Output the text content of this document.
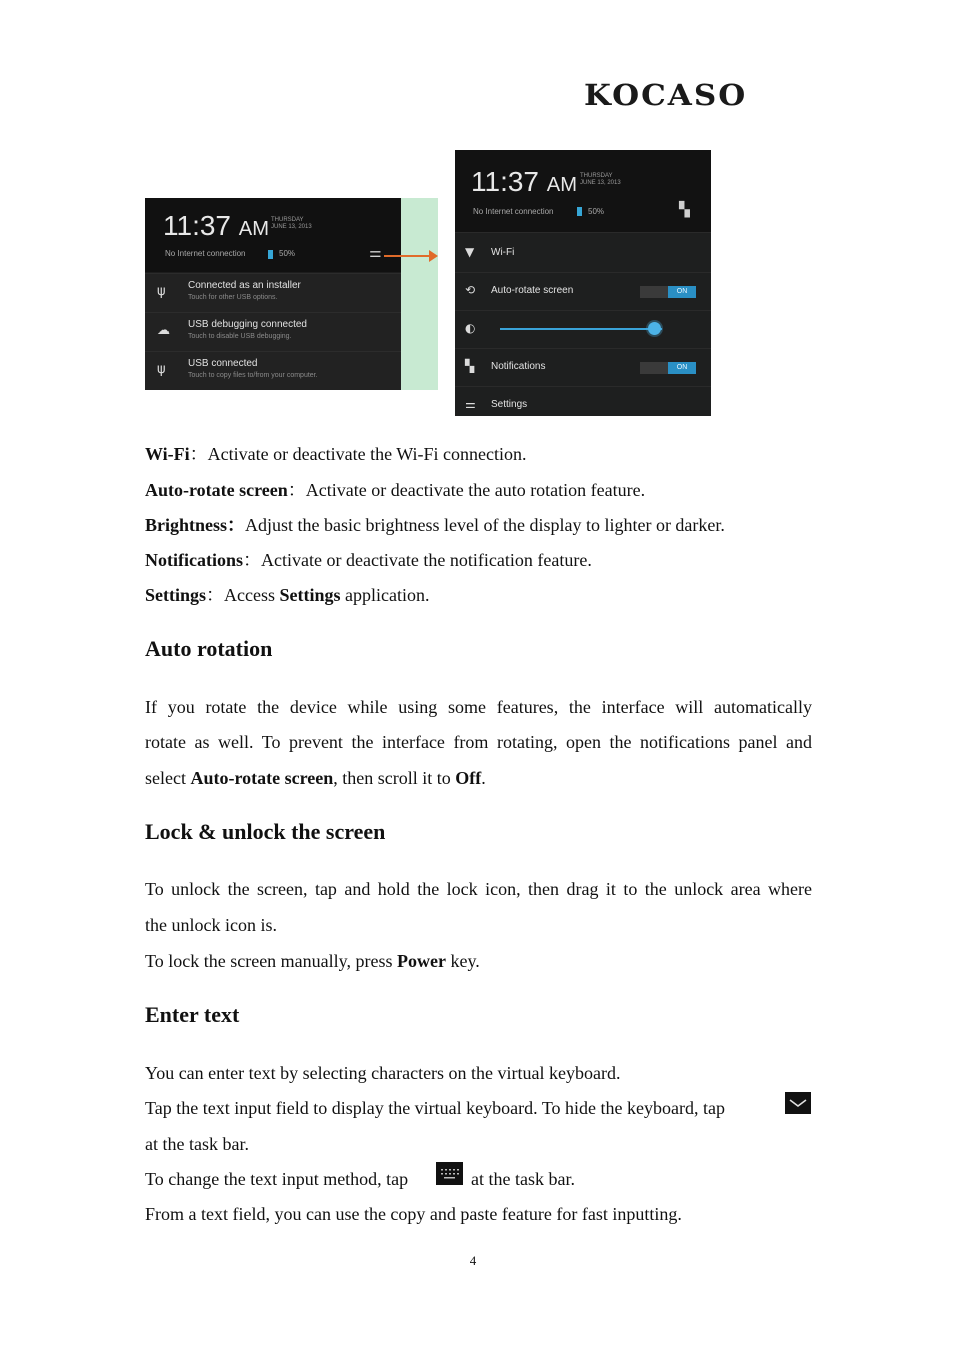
KOCASO
11:37 AM THURSDAY
JUNE 13, 2013
No Internet connection	50%	⚌
ψ Connected as an installer
Touch for other USB options.
☁ USB debugging connected
Touch to disable USB debugging.
ψ USB connected
Touch to copy files to/from your computer.
11:37 AM THURSDAY
JUNE 13, 2013
No Internet connection	50%	▚
▼ Wi-Fi
⟲ Auto-rotate screen	ON
◐
▚ Notifications	ON
⚌ Settings
Wi-Fi：Activate or deactivate the Wi-Fi connection.
Auto-rotate screen：Activate or deactivate the auto rotation feature.
Brightness：Adjust the basic brightness level of the display to lighter or darker.
Notifications：Activate or deactivate the notification feature.
Settings：Access Settings application.
Auto rotation
If you rotate the device while using some features, the interface will automatically
rotate as well. To prevent the interface from rotating, open the notifications panel and
select Auto-rotate screen, then scroll it to Off.
Lock & unlock the screen
To unlock the screen, tap and hold the lock icon, then drag it to the unlock area where
the unlock icon is.
To lock the screen manually, press Power key.
Enter text
You can enter text by selecting characters on the virtual keyboard.
Tap the text input field to display the virtual keyboard. To hide the keyboard, tap
at the task bar.
To change the text input method, tap	at the task bar.
From a text field, you can use the copy and paste feature for fast inputting.
4
